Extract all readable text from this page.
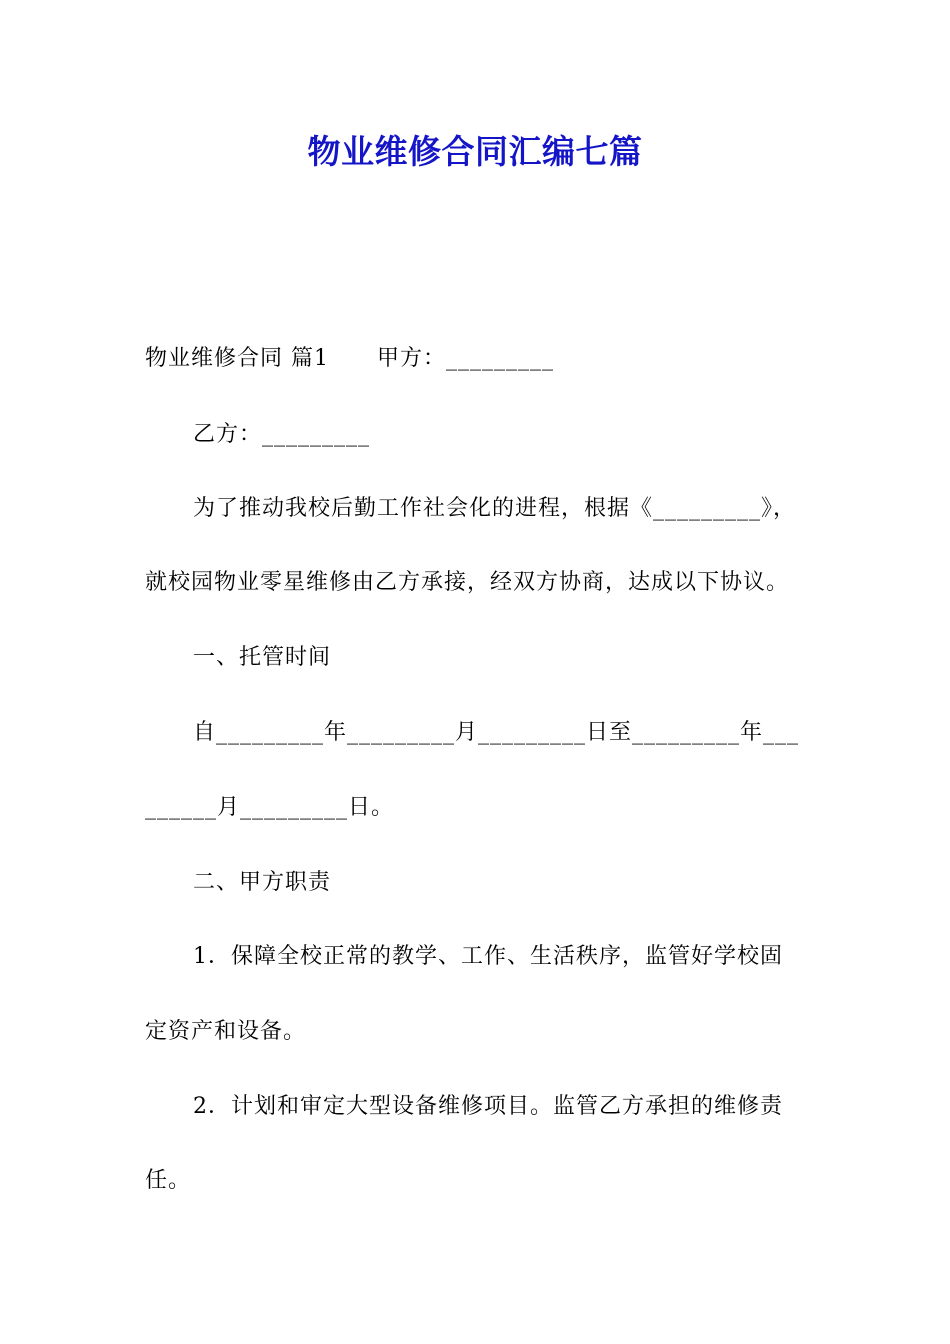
物业维修合同汇编七篇
物业维修合同 篇1      甲方：_________
乙方：_________
为了推动我校后勤工作社会化的进程，根据《_________》，
就校园物业零星维修由乙方承接，经双方协商，达成以下协议。
一、托管时间
自_________年_________月_________日至_________年___
______月_________日。
二、甲方职责
1．保障全校正常的教学、工作、生活秩序，监管好学校固
定资产和设备。
2．计划和审定大型设备维修项目。监管乙方承担的维修责
任。
